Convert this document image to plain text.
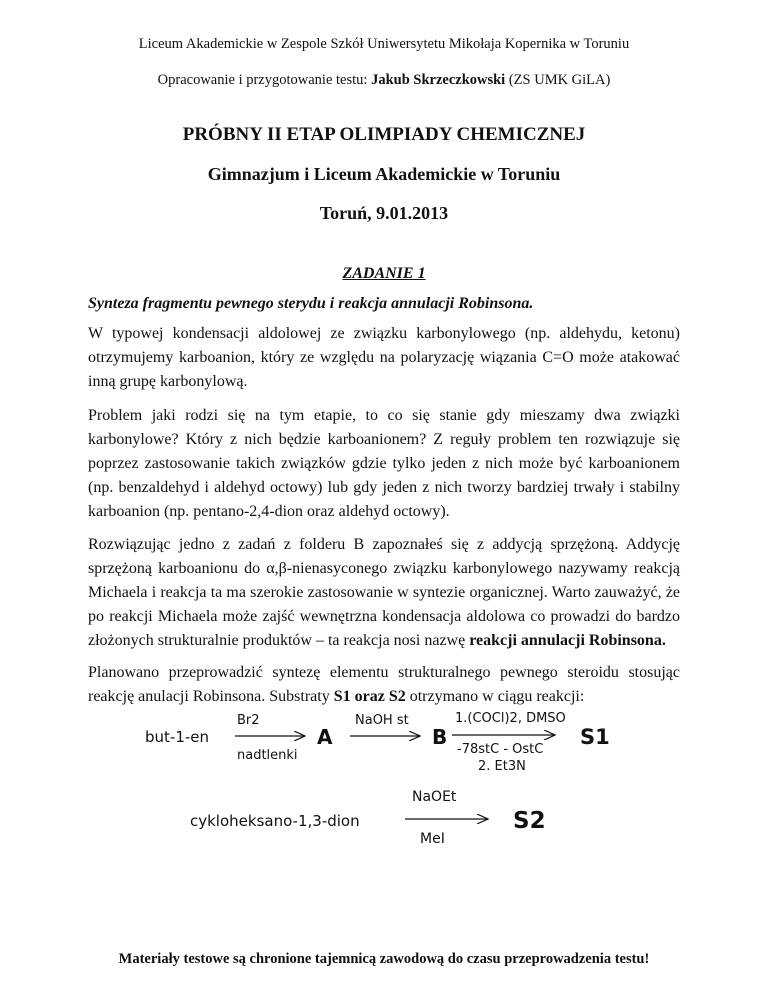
Liceum Akademickie w Zespole Szkół Uniwersytetu Mikołaja Kopernika w Toruniu
Opracowanie i przygotowanie testu: Jakub Skrzeczkowski (ZS UMK GiLA)
PRÓBNY II ETAP OLIMPIADY CHEMICZNEJ
Gimnazjum i Liceum Akademickie w Toruniu
Toruń, 9.01.2013
ZADANIE 1
Synteza fragmentu pewnego sterydu i reakcja annulacji Robinsona.
W typowej kondensacji aldolowej ze związku karbonylowego (np. aldehydu, ketonu) otrzymujemy karboanion, który ze względu na polaryzację wiązania C=O może atakować inną grupę karbonylową.
Problem jaki rodzi się na tym etapie, to co się stanie gdy mieszamy dwa związki karbonylowe? Który z nich będzie karboanionem? Z reguły problem ten rozwiązuje się poprzez zastosowanie takich związków gdzie tylko jeden z nich może być karboanionem (np. benzaldehyd i aldehyd octowy) lub gdy jeden z nich tworzy bardziej trwały i stabilny karboanion (np. pentano-2,4-dion oraz aldehyd octowy).
Rozwiązując jedno z zadań z folderu B zapoznałeś się z addycją sprzężoną. Addycję sprzężoną karboanionu do α,β-nienasyconego związku karbonylowego nazywamy reakcją Michaela i reakcja ta ma szerokie zastosowanie w syntezie organicznej. Warto zauważyć, że po reakcji Michaela może zajść wewnętrzna kondensacja aldolowa co prowadzi do bardzo złożonych strukturalnie produktów – ta reakcja nosi nazwę reakcji annulacji Robinsona.
Planowano przeprowadzić syntezę elementu strukturalnego pewnego steroidu stosując reakcję anulacji Robinsona. Substraty S1 oraz S2 otrzymano w ciągu reakcji:
but-1-en
Br2
nadtlenki
A
NaOH st
B
1.(COCl)2, DMSO
-78stC - OstC
2. Et3N
S1
cykloheksano-1,3-dion
NaOEt
MeI
S2
Materiały testowe są chronione tajemnicą zawodową do czasu przeprowadzenia testu!
